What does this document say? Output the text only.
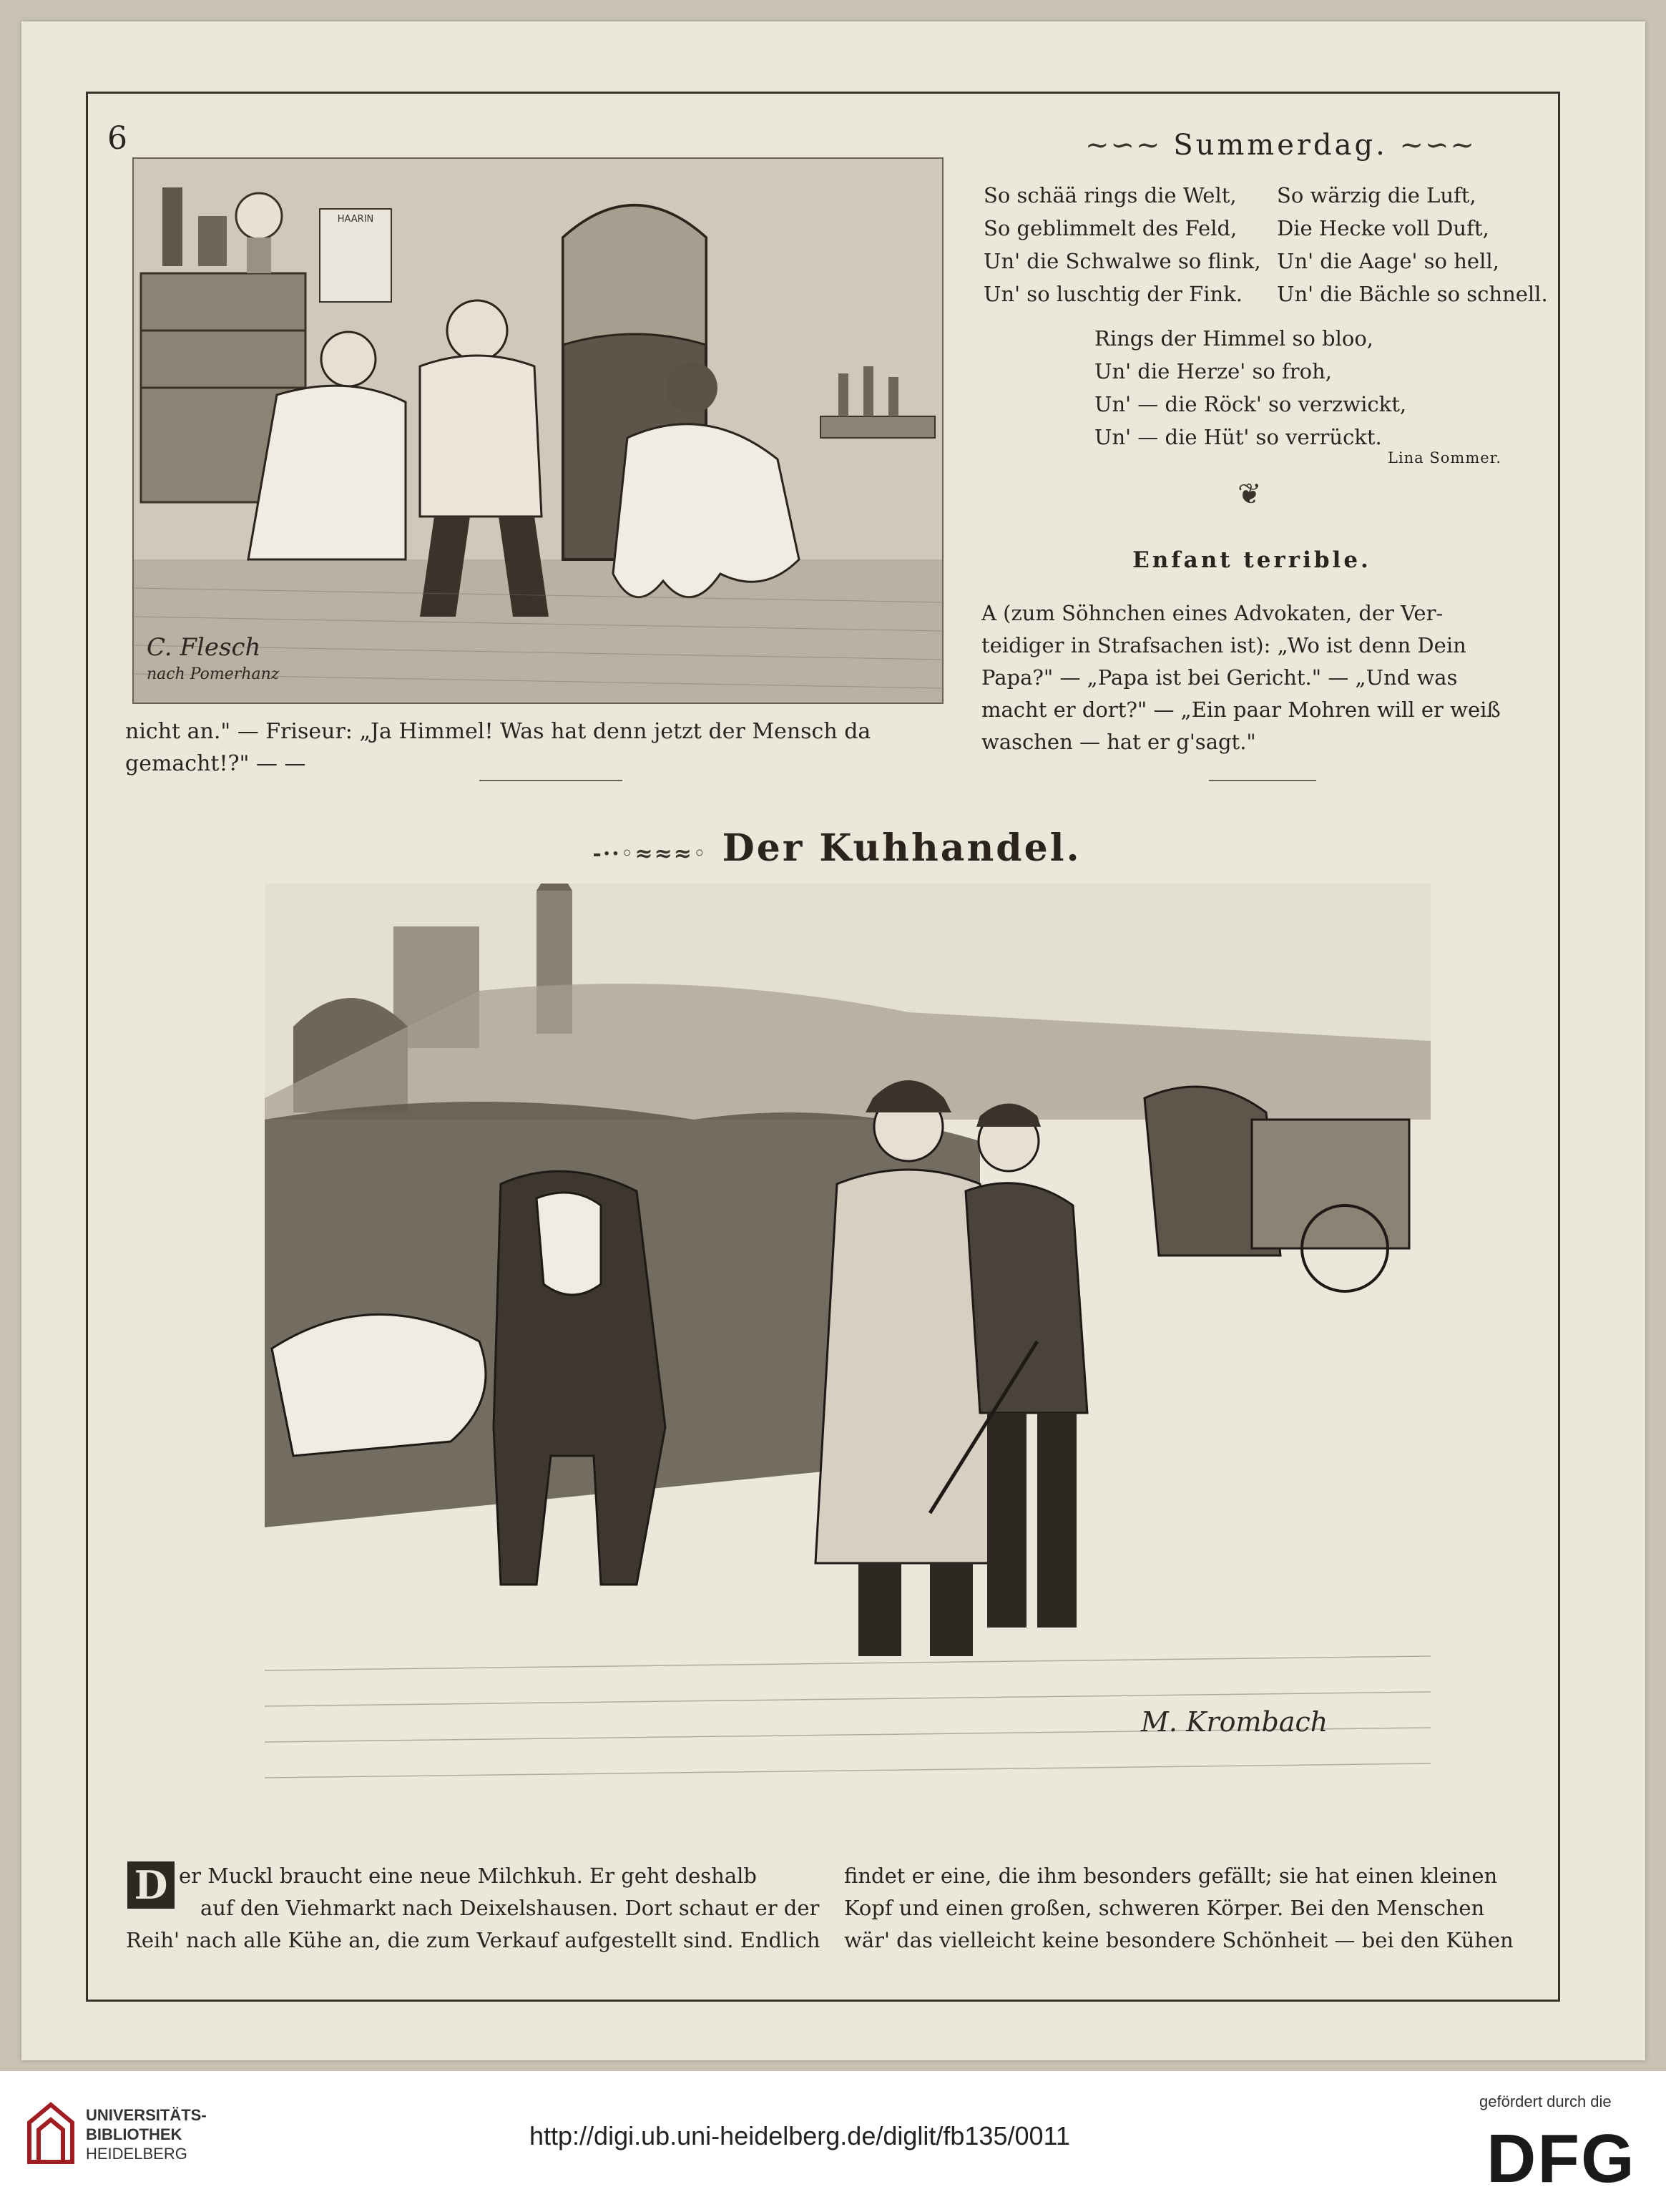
6
HAARIN
C. Flesch
nach Pomerhanz
nicht an." — Friseur: „Ja Himmel! Was hat denn jetzt der Mensch da
gemacht!?" — —
~∽~ Summerdag. ~∽~
So schää rings die Welt,
So geblimmelt des Feld,
Un' die Schwalwe so flink,
Un' so luschtig der Fink.
So wärzig die Luft,
Die Hecke voll Duft,
Un' die Aage' so hell,
Un' die Bächle so schnell.
Rings der Himmel so bloo,
Un' die Herze' so froh,
Un' — die Röck' so verzwickt,
Un' — die Hüt' so verrückt.
Lina Sommer.
❦
Enfant terrible.
A (zum Söhnchen eines Advokaten, der Ver-
teidiger in Strafsachen ist): „Wo ist denn Dein
Papa?" — „Papa ist bei Gericht." — „Und was
macht er dort?" — „Ein paar Mohren will er weiß
waschen — hat er g'sagt."
-··◦≈≈≈◦ Der Kuhhandel.
M. Krombach
D er Muckl braucht eine neue Milchkuh. Er geht deshalb
auf den Viehmarkt nach Deixelshausen. Dort schaut er der
Reih' nach alle Kühe an, die zum Verkauf aufgestellt sind. Endlich
findet er eine, die ihm besonders gefällt; sie hat einen kleinen
Kopf und einen großen, schweren Körper. Bei den Menschen
wär' das vielleicht keine besondere Schönheit — bei den Kühen
UNIVERSITÄTS-
BIBLIOTHEK
HEIDELBERG
http://digi.ub.uni-heidelberg.de/diglit/fb135/0011
gefördert durch die
DFG
